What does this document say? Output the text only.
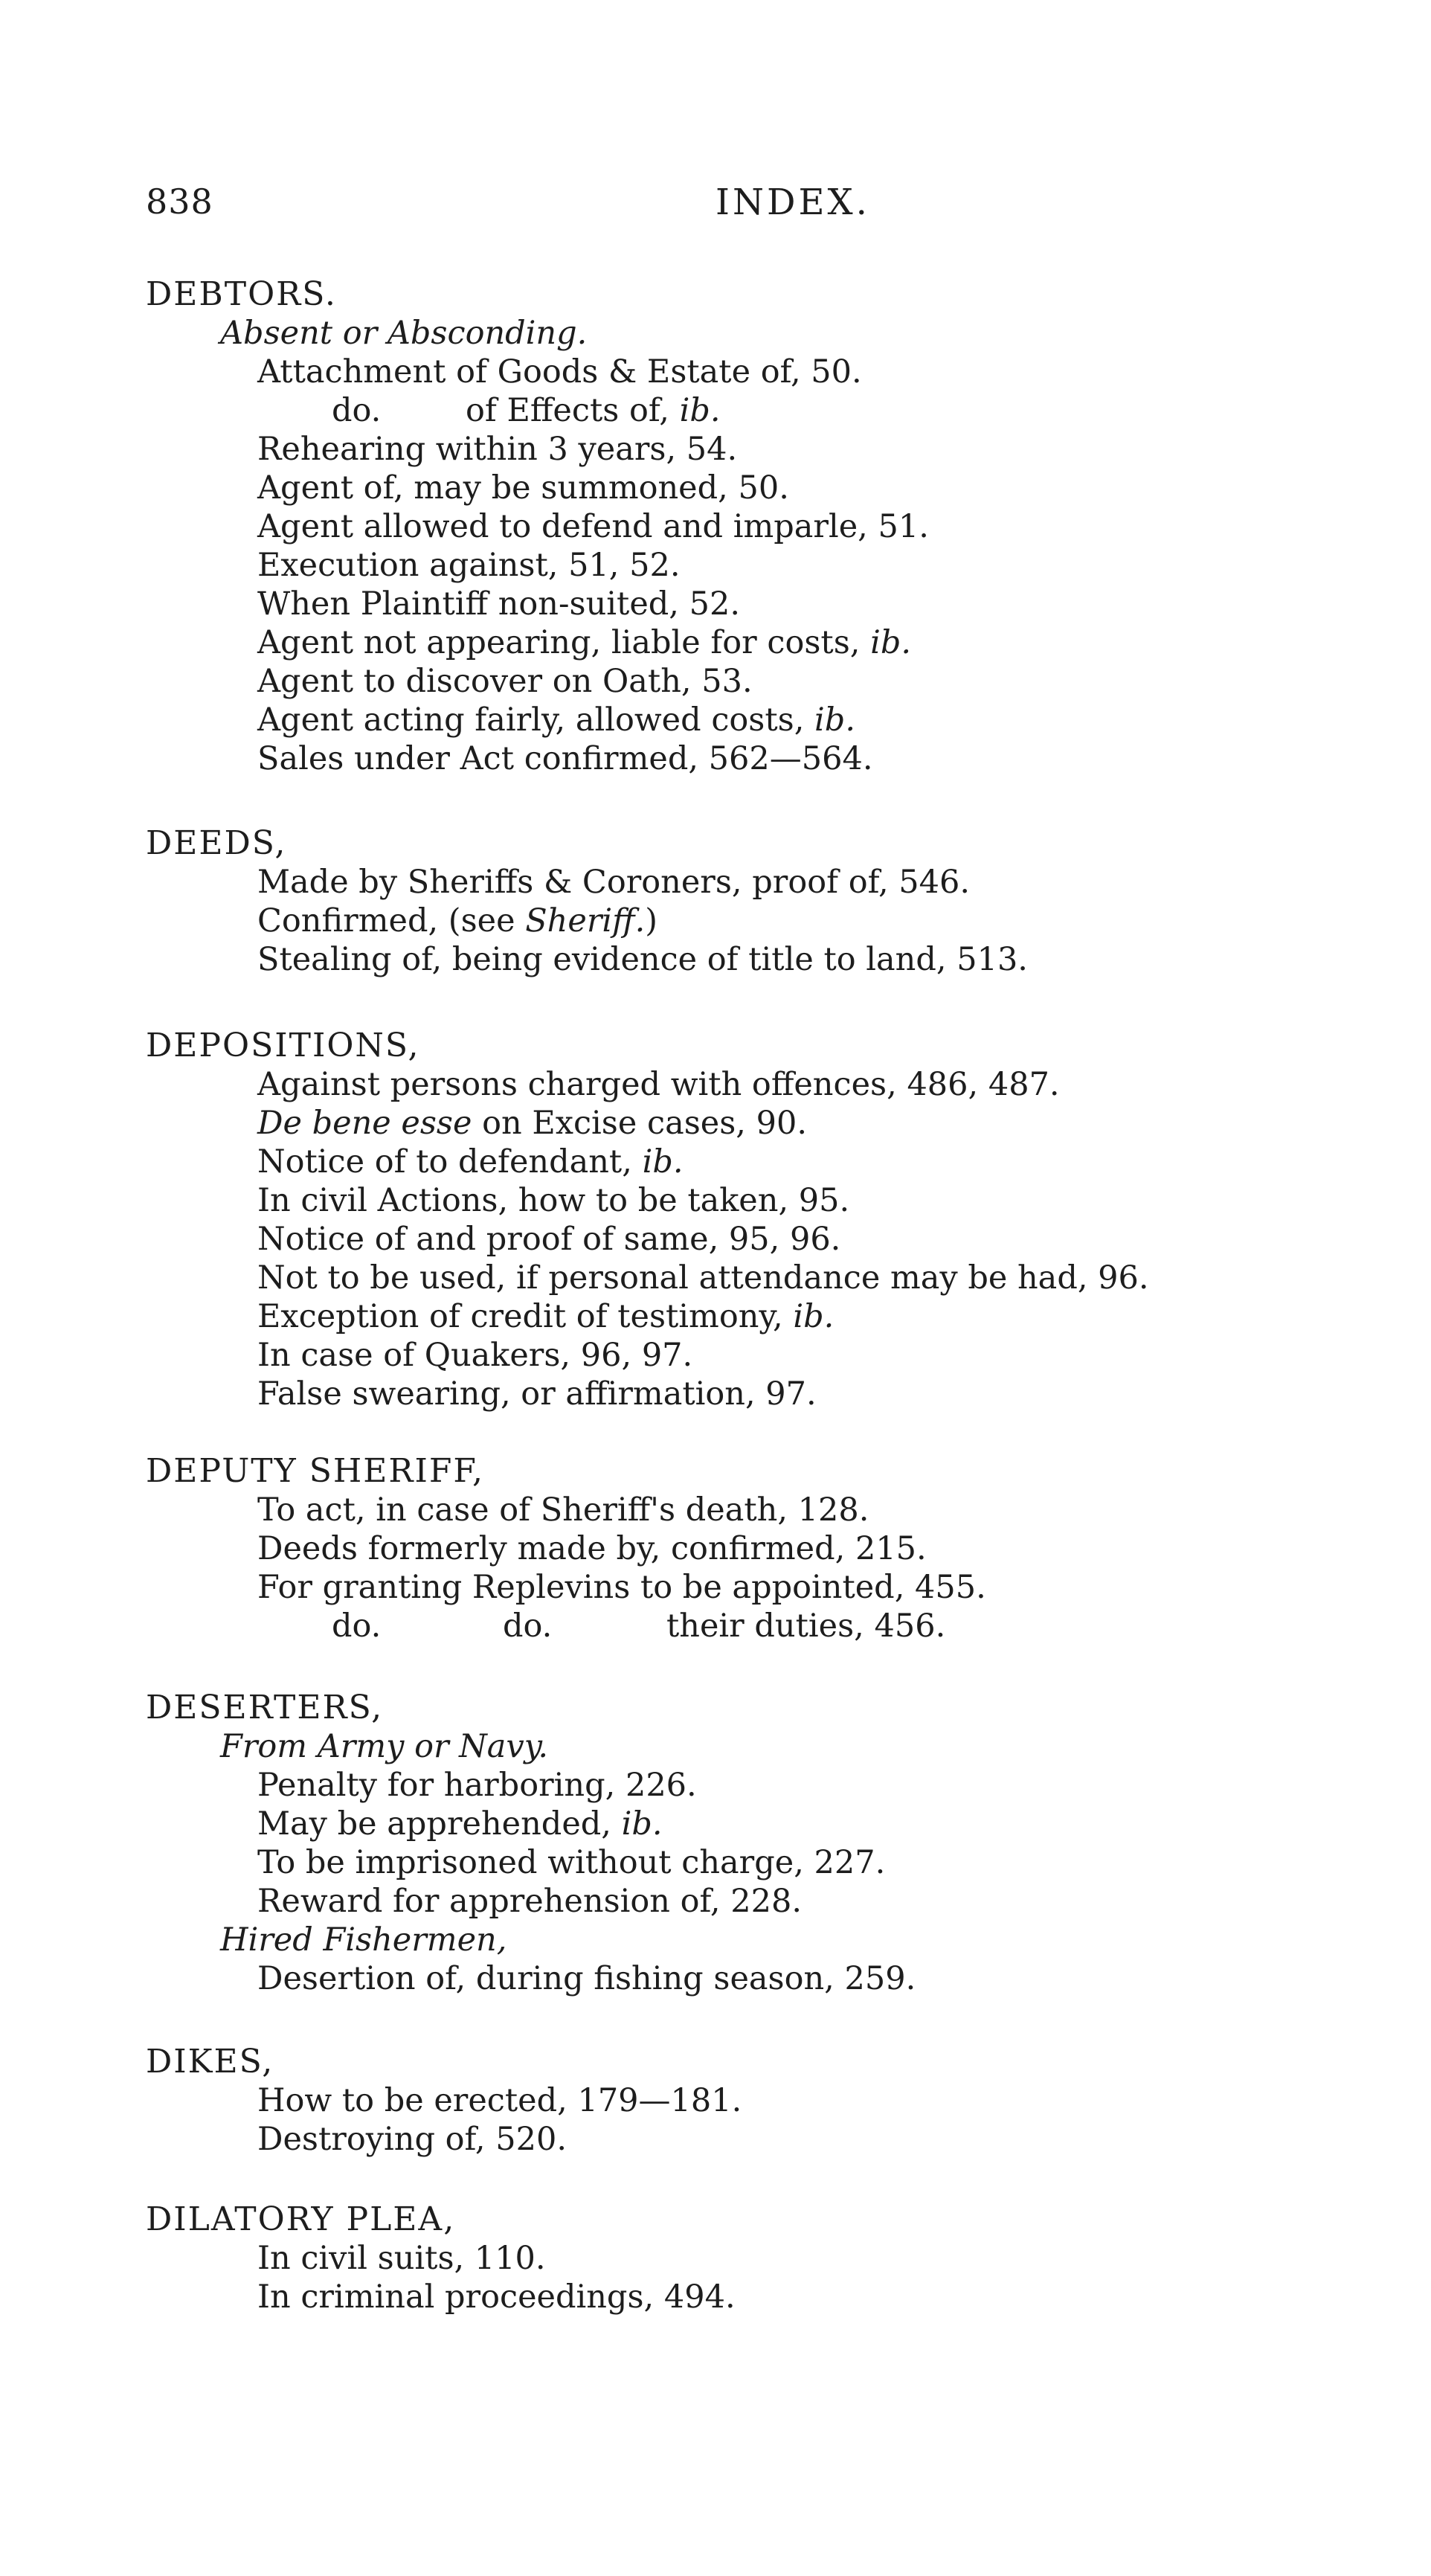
838	INDEX.
DEBTORS.
Absent or Absconding.
Attachment of Goods & Estate of, 50.
do.	of Effects of, ib.
Rehearing within 3 years, 54.
Agent of, may be summoned, 50.
Agent allowed to defend and imparle, 51.
Execution against, 51, 52.
When Plaintiff non-suited, 52.
Agent not appearing, liable for costs, ib.
Agent to discover on Oath, 53.
Agent acting fairly, allowed costs, ib.
Sales under Act confirmed, 562—564.
DEEDS,
Made by Sheriffs & Coroners, proof of, 546.
Confirmed, (see Sheriff.)
Stealing of, being evidence of title to land, 513.
DEPOSITIONS,
Against persons charged with offences, 486, 487.
De bene esse on Excise cases, 90.
Notice of to defendant, ib.
In civil Actions, how to be taken, 95.
Notice of and proof of same, 95, 96.
Not to be used, if personal attendance may be had, 96.
Exception of credit of testimony, ib.
In case of Quakers, 96, 97.
False swearing, or affirmation, 97.
DEPUTY SHERIFF,
To act, in case of Sheriff's death, 128.
Deeds formerly made by, confirmed, 215.
For granting Replevins to be appointed, 455.
do.	do.	their duties, 456.
DESERTERS,
From Army or Navy.
Penalty for harboring, 226.
May be apprehended, ib.
To be imprisoned without charge, 227.
Reward for apprehension of, 228.
Hired Fishermen,
Desertion of, during fishing season, 259.
DIKES,
How to be erected, 179—181.
Destroying of, 520.
DILATORY PLEA,
In civil suits, 110.
In criminal proceedings, 494.
